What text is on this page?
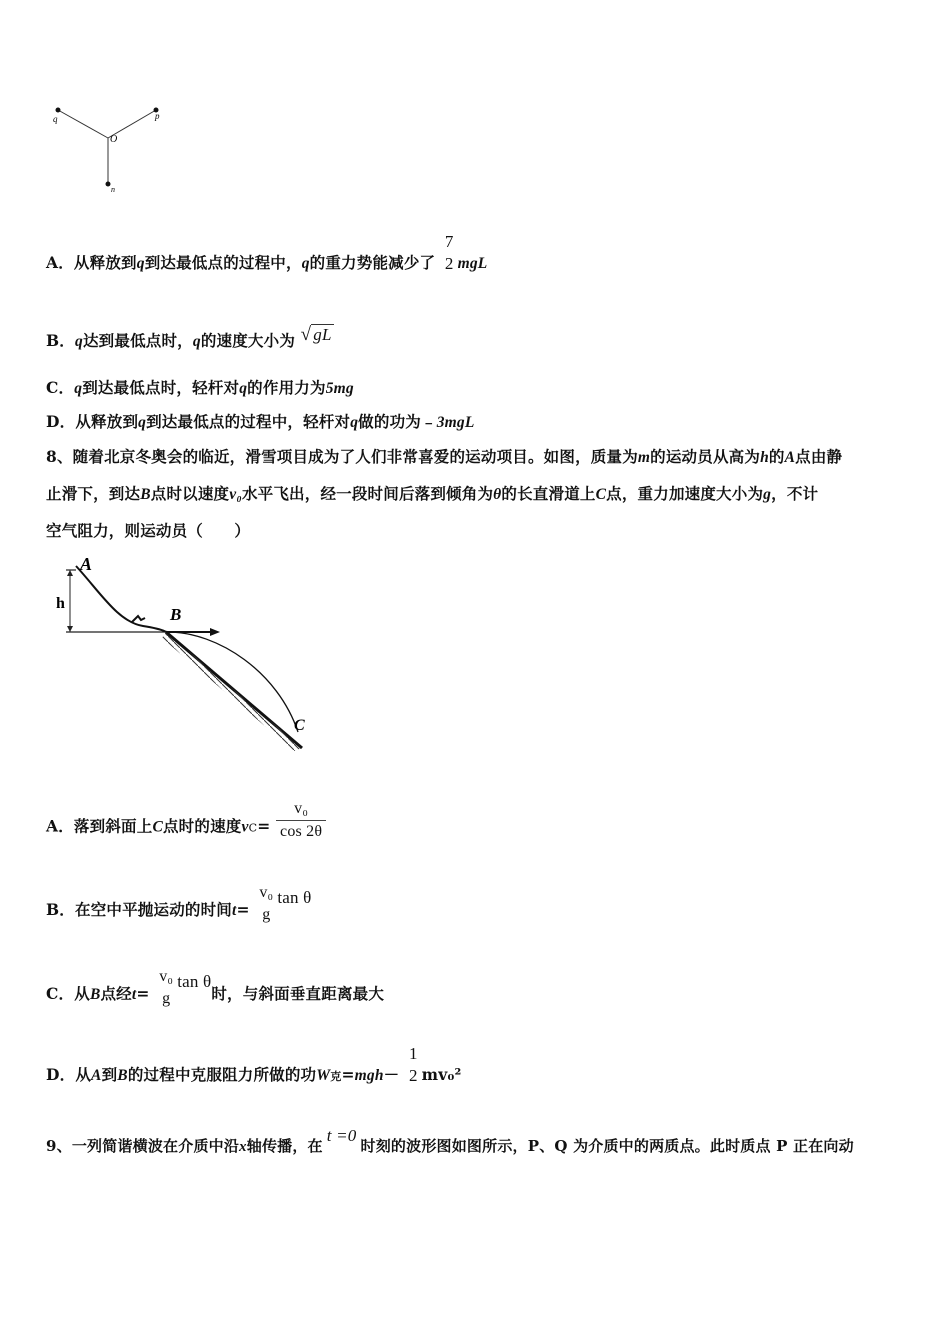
q
O
p
n
A．从释放到q到达最低点的过程中，q的重力势能减少了
7
2 mgL
B．q达到最低点时，q的速度大小为 √ gL
C．q到达最低点时，轻杆对q的作用力为5mg
D．从释放到q到达最低点的过程中，轻杆对q做的功为﹣3mgL
8、随着北京冬奥会的临近，滑雪项目成为了人们非常喜爱的运动项目。如图，质量为m的运动员从高为h的A点由静
止滑下，到达B点时以速度v₀水平飞出，经一段时间后落到倾角为θ的长直滑道上C点，重力加速度大小为g，不计
空气阻力，则运动员（　　）
h
A
B
C
A．落到斜面上C点时的速度$vC= \frac{\text{v₀}}{\cos 2\theta}$
B．在空中平抛运动的时间t=
v₀
g
tan θ
C．从B点经t=
v₀
g
tan θ时，与斜面垂直距离最大
D．从A到B的过程中克服阻力所做的功W克=mgh－
1
2 mv₀²
9、一列简谐横波在介质中沿x轴传播，在t =0时刻的波形图如图所示，P、Q 为介质中的两质点。此时质点 P 正在向动
